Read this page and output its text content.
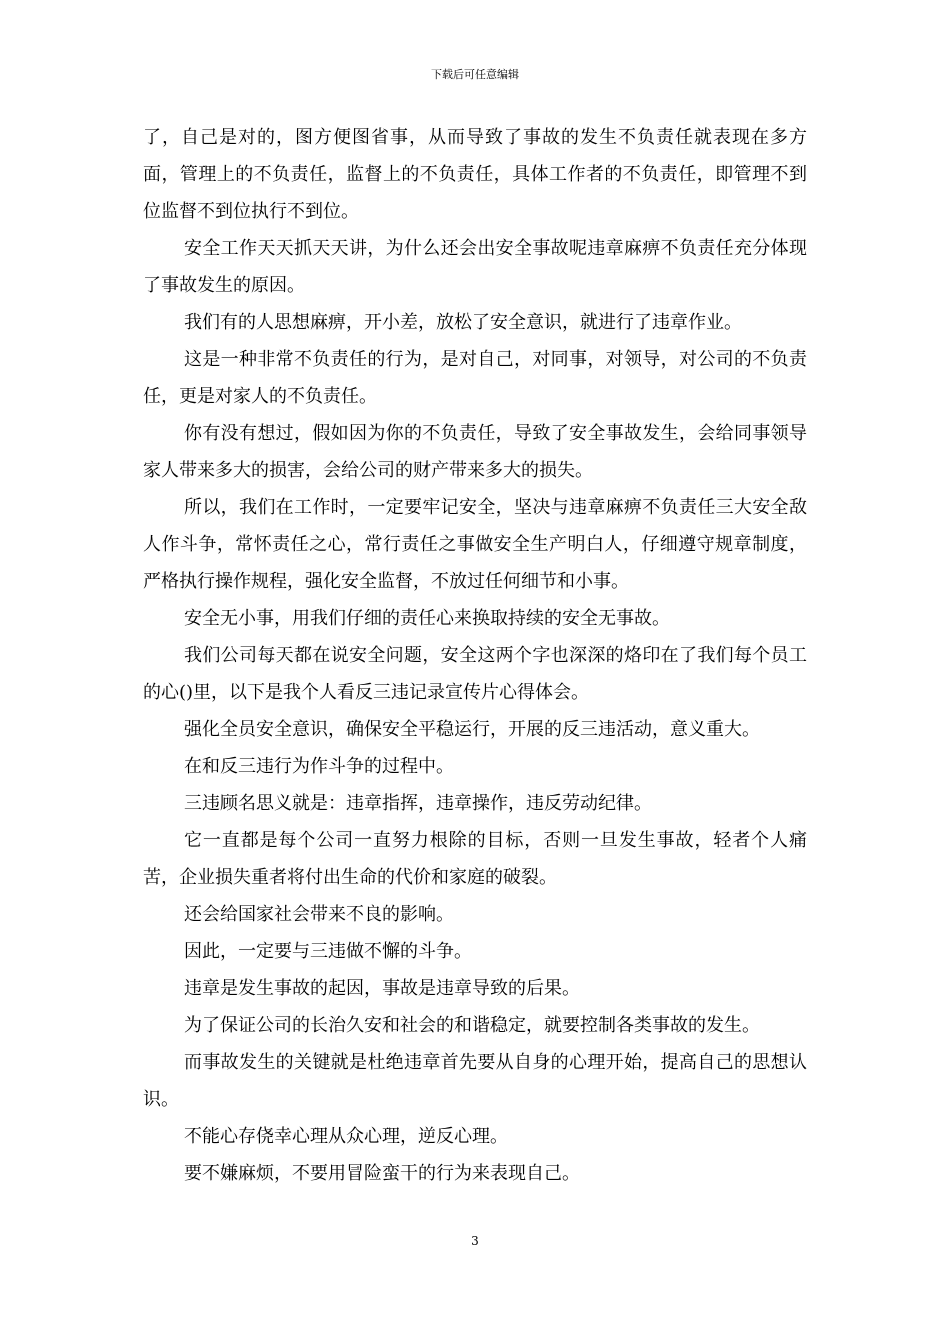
下载后可任意编辑

了，自己是对的，图方便图省事，从而导致了事故的发生不负责任就表现在多方面，管理上的不负责任，监督上的不负责任，具体工作者的不负责任，即管理不到位监督不到位执行不到位。

安全工作天天抓天天讲，为什么还会出安全事故呢违章麻痹不负责任充分体现了事故发生的原因。

我们有的人思想麻痹，开小差，放松了安全意识，就进行了违章作业。

这是一种非常不负责任的行为，是对自己，对同事，对领导，对公司的不负责任，更是对家人的不负责任。

你有没有想过，假如因为你的不负责任，导致了安全事故发生，会给同事领导家人带来多大的损害，会给公司的财产带来多大的损失。

所以，我们在工作时，一定要牢记安全，坚决与违章麻痹不负责任三大安全敌人作斗争，常怀责任之心，常行责任之事做安全生产明白人，仔细遵守规章制度，严格执行操作规程，强化安全监督，不放过任何细节和小事。

安全无小事，用我们仔细的责任心来换取持续的安全无事故。

我们公司每天都在说安全问题，安全这两个字也深深的烙印在了我们每个员工的心()里，以下是我个人看反三违记录宣传片心得体会。

强化全员安全意识，确保安全平稳运行，开展的反三违活动，意义重大。

在和反三违行为作斗争的过程中。

三违顾名思义就是：违章指挥，违章操作，违反劳动纪律。

它一直都是每个公司一直努力根除的目标，否则一旦发生事故，轻者个人痛苦，企业损失重者将付出生命的代价和家庭的破裂。

还会给国家社会带来不良的影响。

因此，一定要与三违做不懈的斗争。

违章是发生事故的起因，事故是违章导致的后果。

为了保证公司的长治久安和社会的和谐稳定，就要控制各类事故的发生。

而事故发生的关键就是杜绝违章首先要从自身的心理开始，提高自己的思想认识。

不能心存侥幸心理从众心理，逆反心理。

要不嫌麻烦，不要用冒险蛮干的行为来表现自己。

3
